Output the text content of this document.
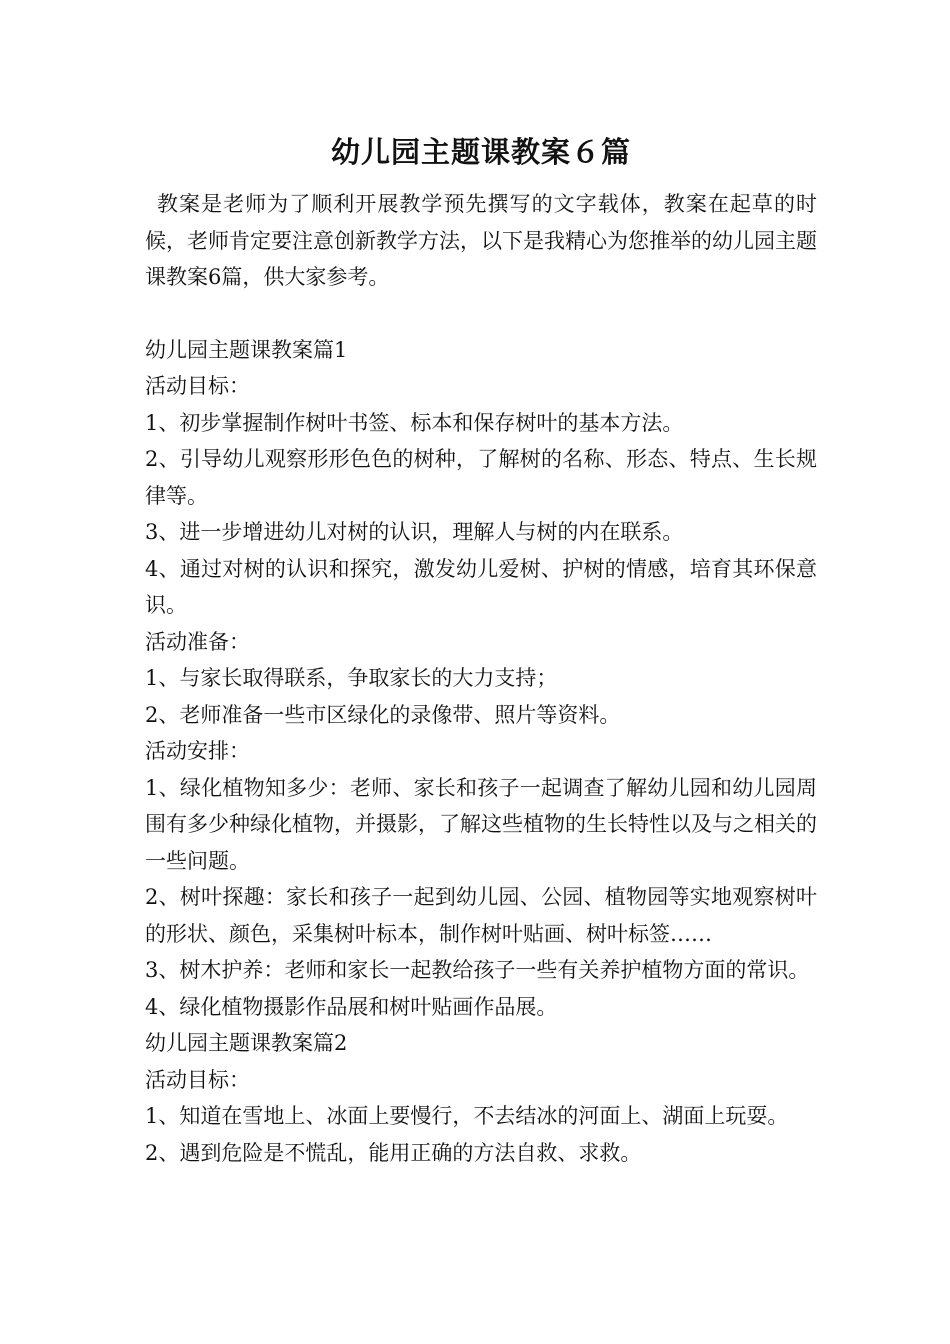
幼儿园主题课教案６篇

教案是老师为了顺利开展教学预先撰写的文字载体，教案在起草的时候，老师肯定要注意创新教学方法，以下是我精心为您推举的幼儿园主题课教案6篇，供大家参考。

幼儿园主题课教案篇1

活动目标：

1、初步掌握制作树叶书签、标本和保存树叶的基本方法。

2、引导幼儿观察形形色色的树种，了解树的名称、形态、特点、生长规律等。

3、进一步增进幼儿对树的认识，理解人与树的内在联系。

4、通过对树的认识和探究，激发幼儿爱树、护树的情感，培育其环保意识。

活动准备：

1、与家长取得联系，争取家长的大力支持；

2、老师准备一些市区绿化的录像带、照片等资料。

活动安排：

1、绿化植物知多少：老师、家长和孩子一起调查了解幼儿园和幼儿园周围有多少种绿化植物，并摄影，了解这些植物的生长特性以及与之相关的一些问题。

2、树叶探趣：家长和孩子一起到幼儿园、公园、植物园等实地观察树叶的形状、颜色，采集树叶标本，制作树叶贴画、树叶标签……

3、树木护养：老师和家长一起教给孩子一些有关养护植物方面的常识。

4、绿化植物摄影作品展和树叶贴画作品展。

幼儿园主题课教案篇2

活动目标：

1、知道在雪地上、冰面上要慢行，不去结冰的河面上、湖面上玩耍。

2、遇到危险是不慌乱，能用正确的方法自救、求救。
